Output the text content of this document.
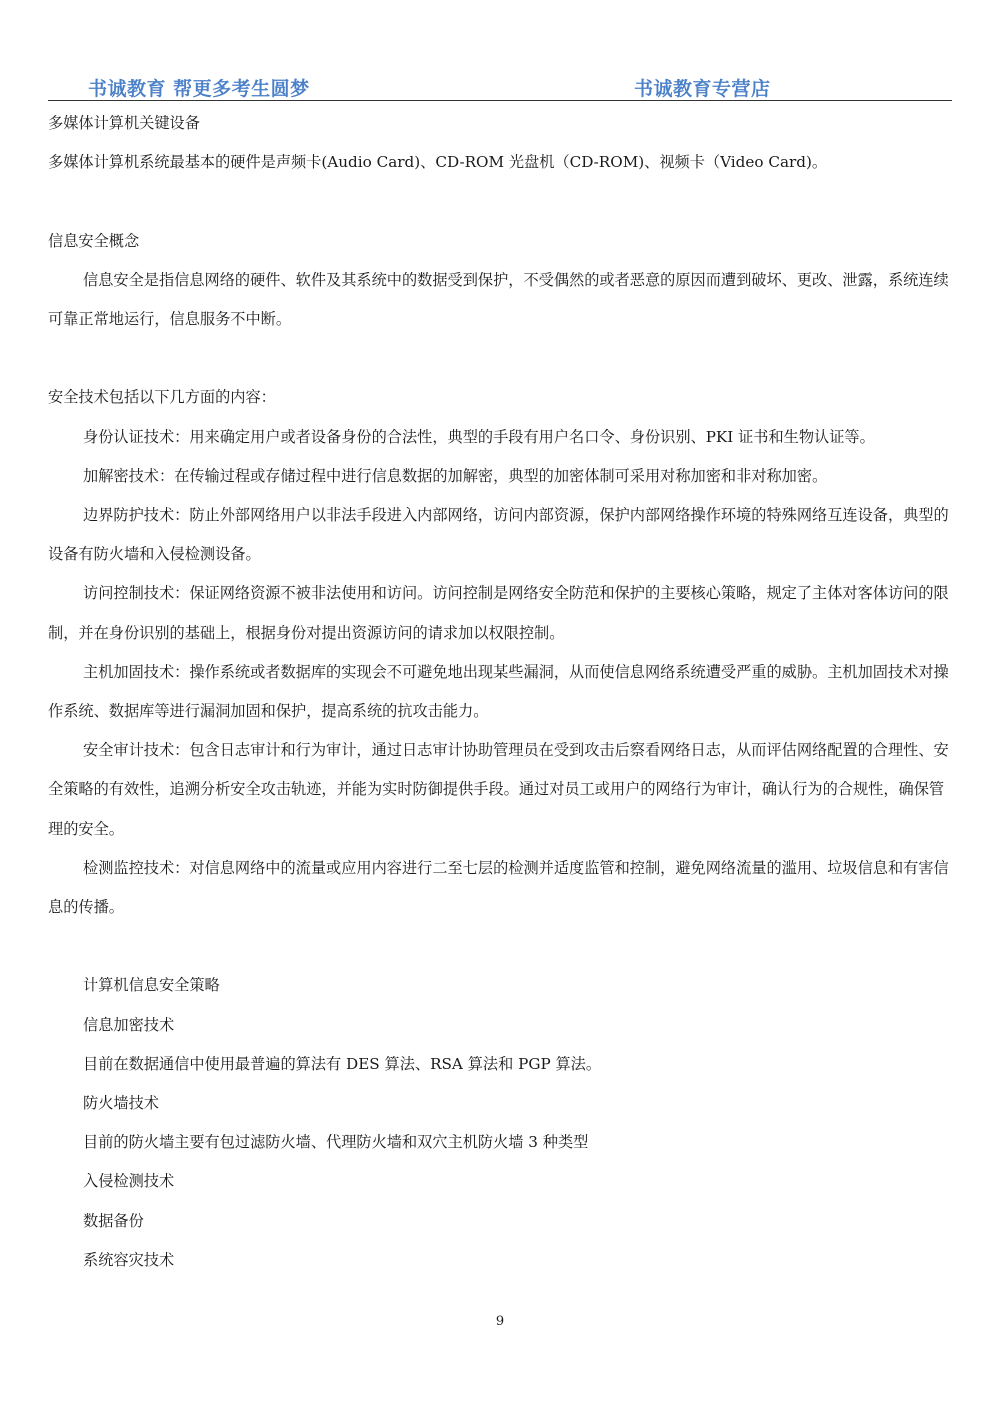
书诚教育 帮更多考生圆梦	书诚教育专营店

多媒体计算机关键设备

多媒体计算机系统最基本的硬件是声频卡(Audio Card)、CD-ROM 光盘机（CD-ROM)、视频卡（Video Card)。

信息安全概念

信息安全是指信息网络的硬件、软件及其系统中的数据受到保护，不受偶然的或者恶意的原因而遭到破坏、更改、泄露，系统连续可靠正常地运行，信息服务不中断。

安全技术包括以下几方面的内容：

身份认证技术：用来确定用户或者设备身份的合法性，典型的手段有用户名口令、身份识别、PKI 证书和生物认证等。

加解密技术：在传输过程或存储过程中进行信息数据的加解密，典型的加密体制可采用对称加密和非对称加密。

边界防护技术：防止外部网络用户以非法手段进入内部网络，访问内部资源，保护内部网络操作环境的特殊网络互连设备，典型的设备有防火墙和入侵检测设备。

访问控制技术：保证网络资源不被非法使用和访问。访问控制是网络安全防范和保护的主要核心策略，规定了主体对客体访问的限制，并在身份识别的基础上，根据身份对提出资源访问的请求加以权限控制。

主机加固技术：操作系统或者数据库的实现会不可避免地出现某些漏洞，从而使信息网络系统遭受严重的威胁。主机加固技术对操作系统、数据库等进行漏洞加固和保护，提高系统的抗攻击能力。

安全审计技术：包含日志审计和行为审计，通过日志审计协助管理员在受到攻击后察看网络日志，从而评估网络配置的合理性、安全策略的有效性，追溯分析安全攻击轨迹，并能为实时防御提供手段。通过对员工或用户的网络行为审计，确认行为的合规性，确保管理的安全。

检测监控技术：对信息网络中的流量或应用内容进行二至七层的检测并适度监管和控制，避免网络流量的滥用、垃圾信息和有害信息的传播。

计算机信息安全策略

信息加密技术

目前在数据通信中使用最普遍的算法有 DES 算法、RSA 算法和 PGP 算法。

防火墙技术

目前的防火墙主要有包过滤防火墙、代理防火墙和双穴主机防火墙 3 种类型

入侵检测技术

数据备份

系统容灾技术

9
